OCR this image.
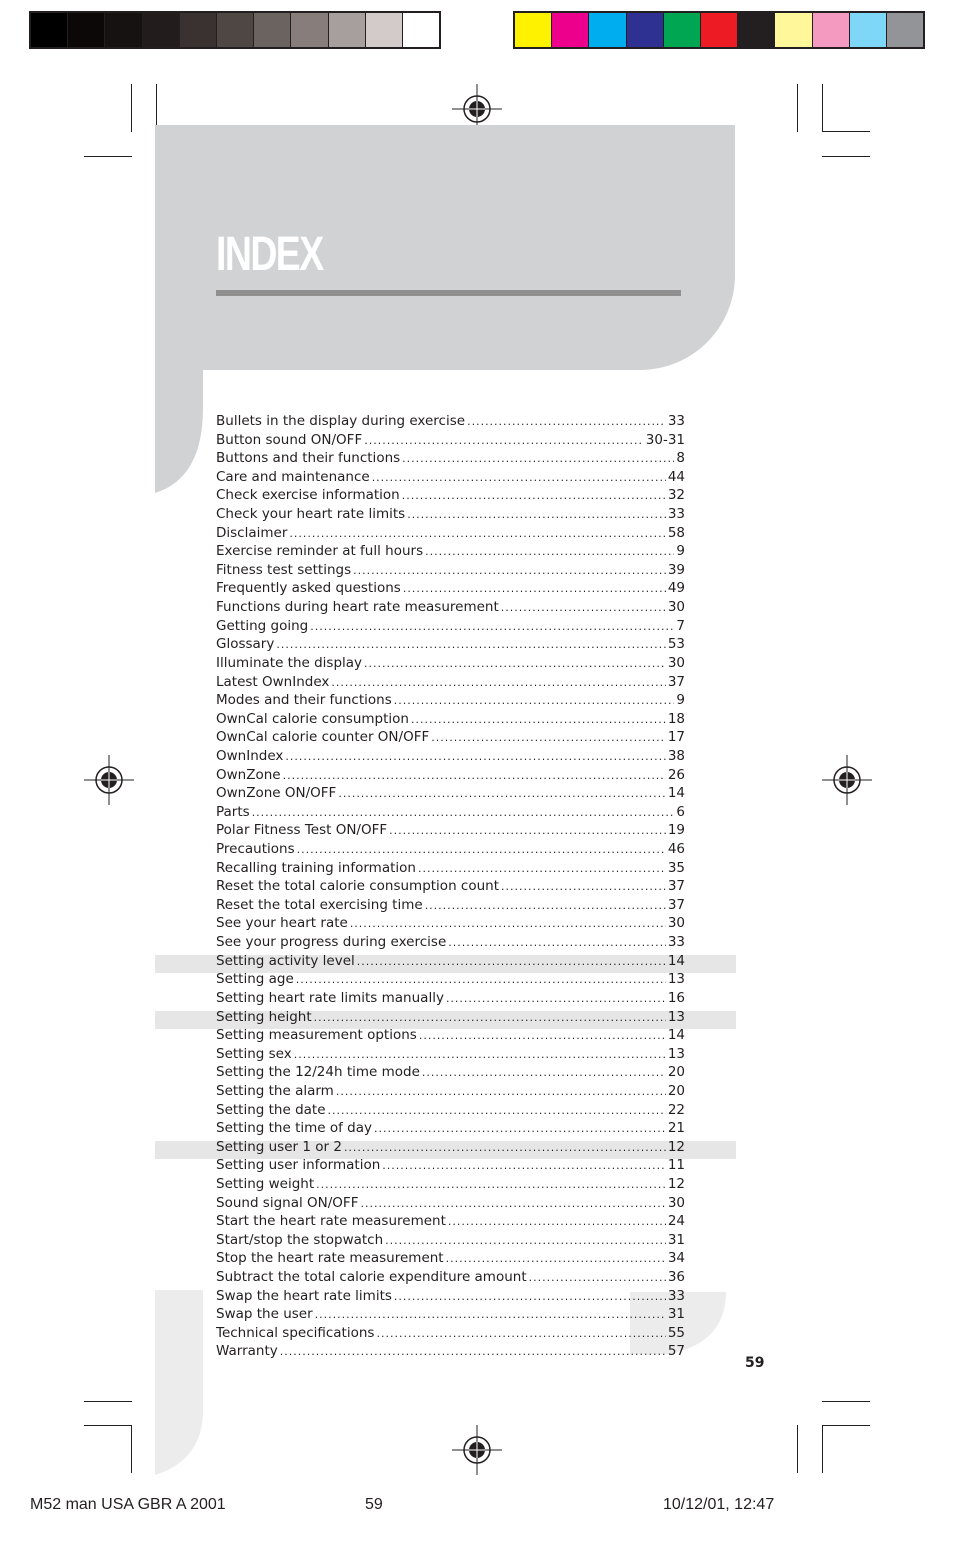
INDEX
Bullets in the display during exercise .....	33
Button sound ON/OFF .....	30-31
Buttons and their functions .....	8
Care and maintenance .....	44
Check exercise information .....	32
Check your heart rate limits .....	33
Disclaimer .....	58
Exercise reminder at full hours .....	9
Fitness test settings .....	39
Frequently asked questions .....	49
Functions during heart rate measurement .....	30
Getting going .....	7
Glossary .....	53
Illuminate the display .....	30
Latest OwnIndex .....	37
Modes and their functions .....	9
OwnCal calorie consumption .....	18
OwnCal calorie counter ON/OFF .....	17
OwnIndex .....	38
OwnZone .....	26
OwnZone ON/OFF .....	14
Parts .....	6
Polar Fitness Test ON/OFF .....	19
Precautions .....	46
Recalling training information .....	35
Reset the total calorie consumption count .....	37
Reset the total exercising time .....	37
See your heart rate .....	30
See your progress during exercise .....	33
Setting activity level .....	14
Setting age .....	13
Setting heart rate limits manually .....	16
Setting height .....	13
Setting measurement options .....	14
Setting sex .....	13
Setting the 12/24h time mode .....	20
Setting the alarm .....	20
Setting the date .....	22
Setting the time of day .....	21
Setting user 1 or 2 .....	12
Setting user information .....	11
Setting weight .....	12
Sound signal ON/OFF .....	30
Start the heart rate measurement .....	24
Start/stop the stopwatch .....	31
Stop the heart rate measurement .....	34
Subtract the total calorie expenditure amount .....	36
Swap the heart rate limits .....	33
Swap the user .....	31
Technical specifications .....	55
Warranty .....	57
59
M52 man USA GBR A 2001	59	10/12/01, 12:47
